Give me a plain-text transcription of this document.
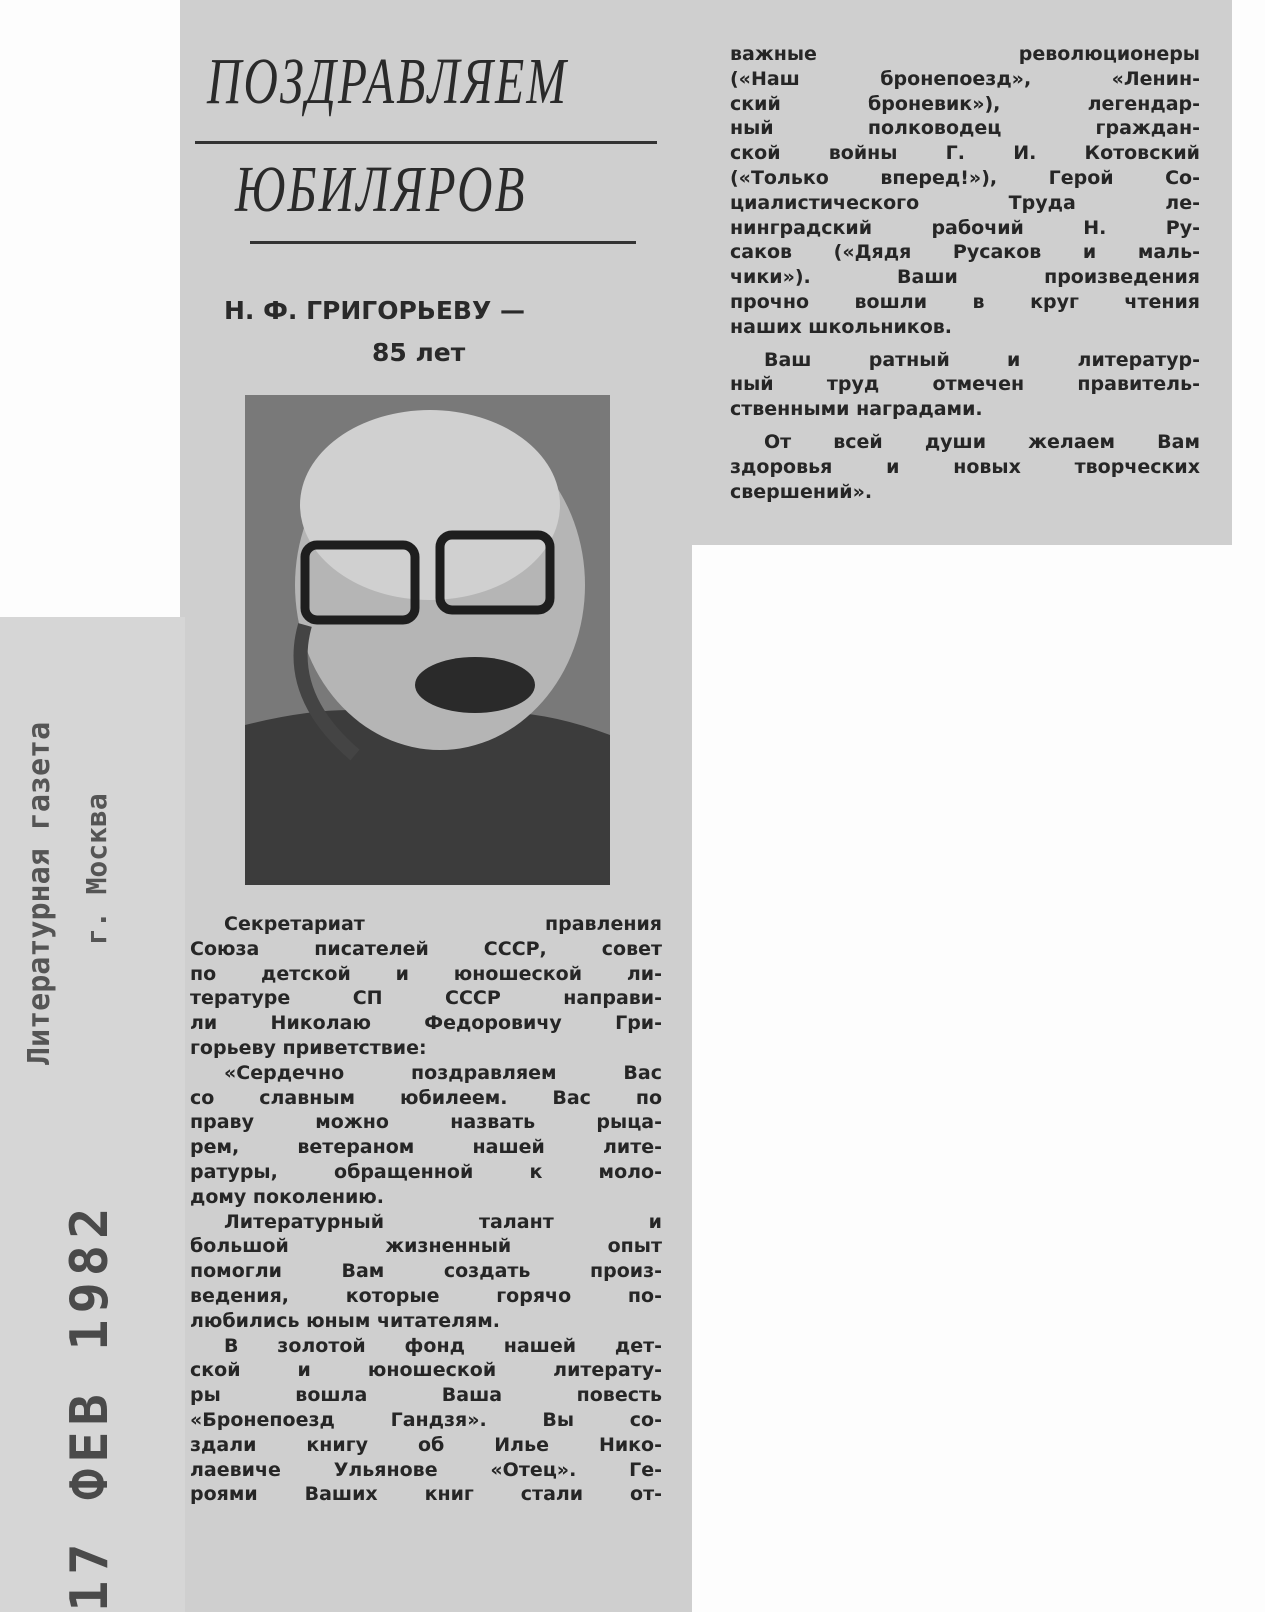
ПОЗДРАВЛЯЕМ
ЮБИЛЯРОВ
Н. Ф. ГРИГОРЬЕВУ —
85 лет
Секретариат правления
Союза писателей СССР, совет
по детской и юношеской ли-
тературе СП СССР направи-
ли Николаю Федоровичу Гри-
горьеву приветствие:
«Сердечно поздравляем Вас
со славным юбилеем. Вас по
праву можно назвать рыца-
рем, ветераном нашей лите-
ратуры, обращенной к моло-
дому поколению.
Литературный талант и
большой жизненный опыт
помогли Вам создать произ-
ведения, которые горячо по-
любились юным читателям.
В золотой фонд нашей дет-
ской и юношеской литерату-
ры вошла Ваша повесть
«Бронепоезд Гандзя». Вы со-
здали книгу об Илье Нико-
лаевиче Ульянове «Отец». Ге-
роями Ваших книг стали от-
важные революционеры
(«Наш бронепоезд», «Ленин-
ский броневик»), легендар-
ный полководец граждан-
ской войны Г. И. Котовский
(«Только вперед!»), Герой Со-
циалистического Труда ле-
нинградский рабочий Н. Ру-
саков («Дядя Русаков и маль-
чики»). Ваши произведения
прочно вошли в круг чтения
наших школьников.
Ваш ратный и литератур-
ный труд отмечен правитель-
ственными наградами.
От всей души желаем Вам
здоровья и новых творческих
свершений».
Литературная газета г. Москва
17 ФЕВ 1982
